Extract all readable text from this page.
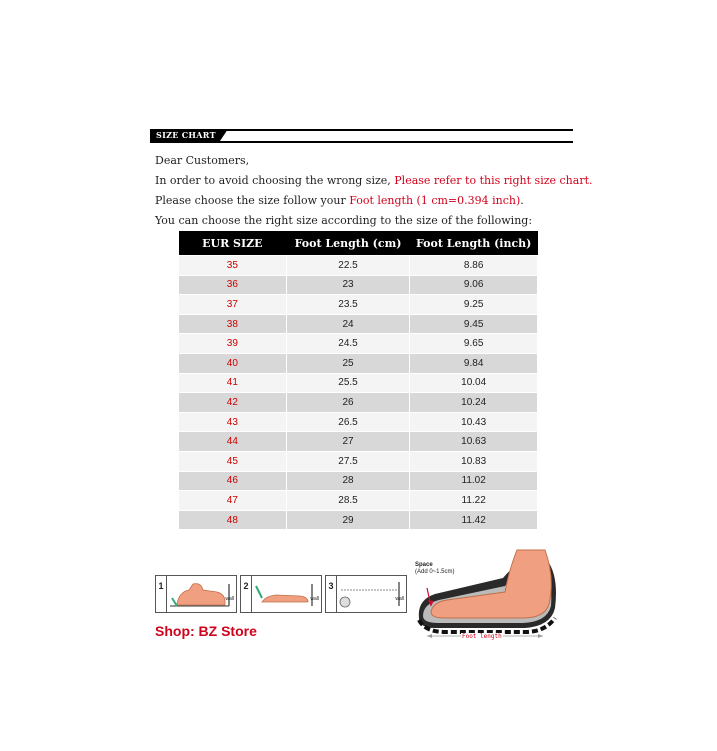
SIZE CHART
Dear Customers,
In order to avoid choosing the wrong size, Please refer to this right size chart.
Please choose the size follow your Foot length (1 cm=0.394 inch).
You can choose the right size according to the size of the following:
EUR SIZE	Foot Length (cm)	Foot Length (inch)
35	22.5	8.86
36	23	9.06
37	23.5	9.25
38	24	9.45
39	24.5	9.65
40	25	9.84
41	25.5	10.04
42	26	10.24
43	26.5	10.43
44	27	10.63
45	27.5	10.83
46	28	11.02
47	28.5	11.22
48	29	11.42
1
wall
2
wall
3
wall
Shop: BZ Store
Space
(Add 0~1.5cm)
Foot length
